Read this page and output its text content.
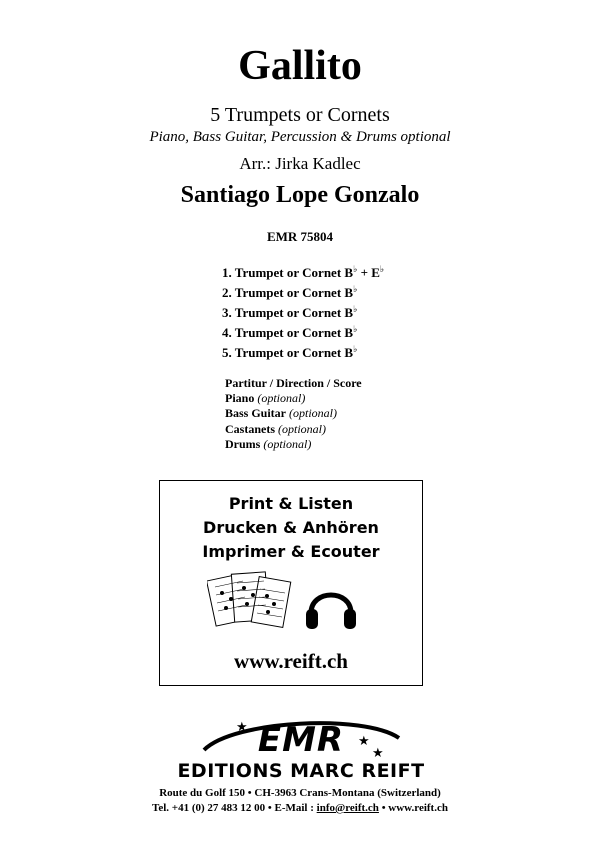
Gallito
5 Trumpets or Cornets
Piano, Bass Guitar, Percussion & Drums optional
Arr.: Jirka Kadlec
Santiago Lope Gonzalo
EMR 75804
1. Trumpet or Cornet B♭ + E♭
2. Trumpet or Cornet B♭
3. Trumpet or Cornet B♭
4. Trumpet or Cornet B♭
5. Trumpet or Cornet B♭
Partitur / Direction / Score
Piano (optional)
Bass Guitar (optional)
Castanets (optional)
Drums (optional)
Print & Listen
Drucken & Anhören
Imprimer & Ecouter
www.reift.ch
EMR
★
★
★
EDITIONS MARC REIFT
Route du Golf 150 • CH-3963 Crans-Montana (Switzerland)
Tel. +41 (0) 27 483 12 00 • E-Mail : info@reift.ch • www.reift.ch
